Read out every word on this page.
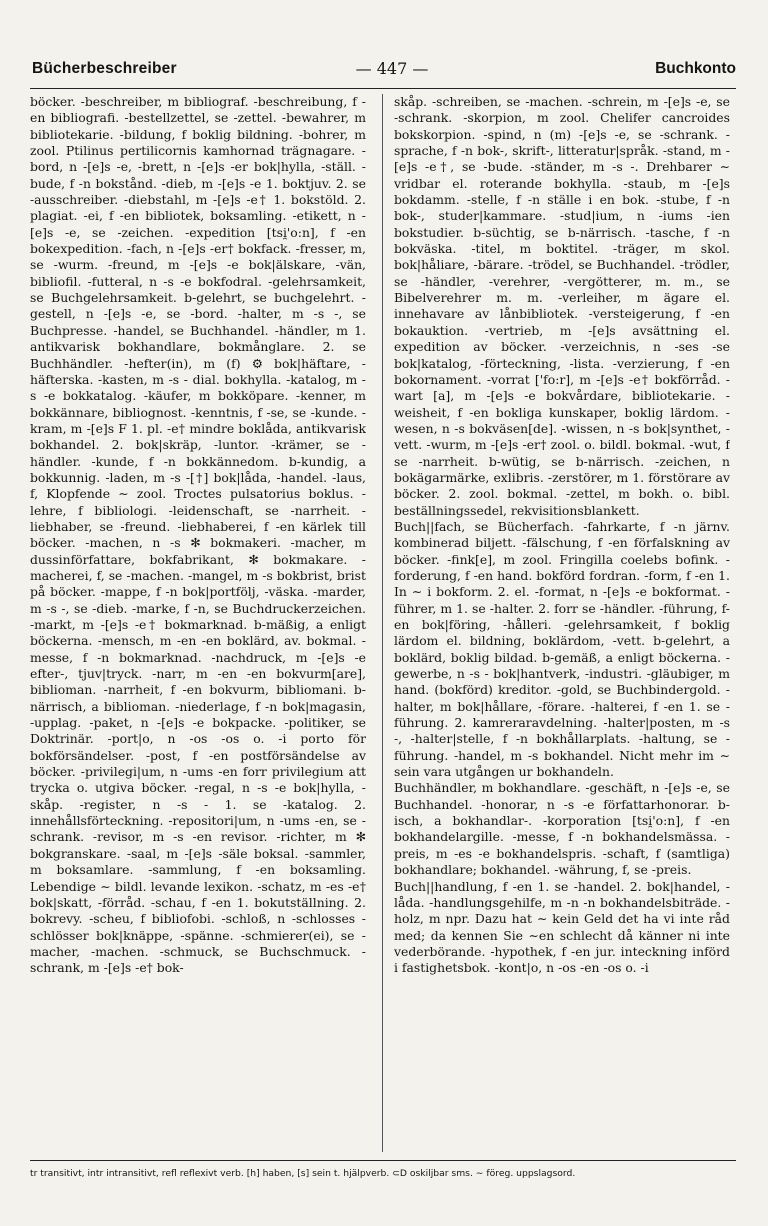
Bücherbeschreiber	— 447 —	Buchkonto

böcker. -beschreiber, m bibliograf. -beschreibung, f -en bibliografi. -bestellzettel, se -zettel. -bewahrer, m bibliotekarie. -bildung, f boklig bildning. -bohrer, m zool. Ptilinus pertilicornis kamhornad trägnagare. -bord, n -[e]s -e, -brett, n -[e]s -er bok|hylla, -ställ. -bude, f -n bokstånd. -dieb, m -[e]s -e 1. boktjuv. 2. se -ausschreiber. -diebstahl, m -[e]s -e† 1. bokstöld. 2. plagiat. -ei, f -en bibliotek, boksamling. -etikett, n -[e]s -e, se -zeichen. -expedition [tsi̯'o:n], f -en bokexpedition. -fach, n -[e]s -er† bokfack. -fresser, m, se -wurm. -freund, m -[e]s -e bok|älskare, -vän, bibliofil. -futteral, n -s -e bokfodral. -gelehrsamkeit, se Buchgelehrsamkeit. b-gelehrt, se buchgelehrt. -gestell, n -[e]s -e, se -bord. -halter, m -s -, se Buchpresse. -handel, se Buchhandel. -händler, m 1. antikvarisk bokhandlare, bokmånglare. 2. se Buchhändler. -hefter(in), m (f) ⚙ bok|häftare, -häfterska. -kasten, m -s - dial. bokhylla. -katalog, m -s -e bokkatalog. -käufer, m bokköpare. -kenner, m bokkännare, bibliognost. -kenntnis, f -se, se -kunde. -kram, m -[e]s F 1. pl. -e† mindre boklåda, antikvarisk bokhandel. 2. bok|skräp, -luntor. -krämer, se -händler. -kunde, f -n bokkännedom. b-kundig, a bokkunnig. -laden, m -s -[†] bok|låda, -handel. -laus, f, Klopfende ∼ zool. Troctes pulsatorius boklus. -lehre, f bibliologi. -leidenschaft, se -narrheit. -liebhaber, se -freund. -liebhaberei, f -en kärlek till böcker. -machen, n -s ✻ bokmakeri. -macher, m dussinförfattare, bokfabrikant, ✻ bokmakare. -macherei, f, se -machen. -mangel, m -s bokbrist, brist på böcker. -mappe, f -n bok|portfölj, -väska. -marder, m -s -, se -dieb. -marke, f -n, se Buchdruckerzeichen. -markt, m -[e]s -e† bokmarknad. b-mäßig, a enligt böckerna. -mensch, m -en -en boklärd, av. bokmal. -messe, f -n bokmarknad. -nachdruck, m -[e]s -e efter-, tjuv|tryck. -narr, m -en -en bokvurm[are], biblioman. -narrheit, f -en bokvurm, bibliomani. b-närrisch, a biblioman. -niederlage, f -n bok|magasin, -upplag. -paket, n -[e]s -e bokpacke. -politiker, se Doktrinär. -port|o, n -os -os o. -i porto för bokförsändelser. -post, f -en postförsändelse av böcker. -privilegi|um, n -ums -en forr privilegium att trycka o. utgiva böcker. -regal, n -s -e bok|hylla, -skåp. -register, n -s - 1. se -katalog. 2. innehållsförteckning. -repositori|um, n -ums -en, se -schrank. -revisor, m -s -en revisor. -richter, m ✻ bokgranskare. -saal, m -[e]s -säle boksal. -sammler, m boksamlare. -sammlung, f -en boksamling. Lebendige ∼ bildl. levande lexikon. -schatz, m -es -e† bok|skatt, -förråd. -schau, f -en 1. bokutställning. 2. bokrevy. -scheu, f bibliofobi. -schloß, n -schlosses -schlösser bok|knäppe, -spänne. -schmierer(ei), se -macher, -machen. -schmuck, se Buchschmuck. -schrank, m -[e]s -e† bok-

skåp. -schreiben, se -machen. -schrein, m -[e]s -e, se -schrank. -skorpion, m zool. Chelifer cancroides bokskorpion. -spind, n (m) -[e]s -e, se -schrank. -sprache, f -n bok-, skrift-, litteratur|språk. -stand, m -[e]s -e†, se -bude. -ständer, m -s -. Drehbarer ∼ vridbar el. roterande bokhylla. -staub, m -[e]s bokdamm. -stelle, f -n ställe i en bok. -stube, f -n bok-, studer|kammare. -stud|ium, n -iums -ien bokstudier. b-süchtig, se b-närrisch. -tasche, f -n bokväska. -titel, m boktitel. -träger, m skol. bok|håliare, -bärare. -trödel, se Buchhandel. -trödler, se -händler, -verehrer, -vergötterer, m. m., se Bibelverehrer m. m. -verleiher, m ägare el. innehavare av lånbibliotek. -versteigerung, f -en bokauktion. -vertrieb, m -[e]s avsättning el. expedition av böcker. -verzeichnis, n -ses -se bok|katalog, -förteckning, -lista. -verzierung, f -en bokornament. -vorrat ['fo:r], m -[e]s -e† bokförråd. -wart [a], m -[e]s -e bokvårdare, bibliotekarie. -weisheit, f -en bokliga kunskaper, boklig lärdom. -wesen, n -s bokväsen[de]. -wissen, n -s bok|synthet, -vett. -wurm, m -[e]s -er† zool. o. bildl. bokmal. -wut, f se -narrheit. b-wütig, se b-närrisch. -zeichen, n bokägarmärke, exlibris. -zerstörer, m 1. förstörare av böcker. 2. zool. bokmal. -zettel, m bokh. o. bibl. beställningssedel, rekvisitionsblankett.

Buch||fach, se Bücherfach. -fahrkarte, f -n järnv. kombinerad biljett. -fälschung, f -en förfalskning av böcker. -fink[e], m zool. Fringilla coelebs bofink. -forderung, f -en hand. bokförd fordran. -form, f -en 1. In ∼ i bokform. 2. el. -format, n -[e]s -e bokformat. -führer, m 1. se -halter. 2. forr se -händler. -führung, f- en bok|föring, -hålleri. -gelehrsamkeit, f boklig lärdom el. bildning, boklärdom, -vett. b-gelehrt, a boklärd, boklig bildad. b-gemäß, a enligt böckerna. -gewerbe, n -s - bok|hantverk, -industri. -gläubiger, m hand. (bokförd) kreditor. -gold, se Buchbindergold. -halter, m bok|hållare, -förare. -halterei, f -en 1. se -führung. 2. kamreraravdelning. -halter|posten, m -s -, -halter|stelle, f -n bokhållarplats. -haltung, se -führung. -handel, m -s bokhandel. Nicht mehr im ∼ sein vara utgången ur bokhandeln.

Buchhändler, m bokhandlare. -geschäft, n -[e]s -e, se Buchhandel. -honorar, n -s -e författarhonorar. b-isch, a bokhandlar-. -korporation [tsi̯'o:n], f -en bokhandelargille. -messe, f -n bokhandelsmässa. -preis, m -es -e bokhandelspris. -schaft, f (samtliga) bokhandlare; bokhandel. -währung, f, se -preis.

Buch||handlung, f -en 1. se -handel. 2. bok|handel, -låda. -handlungsgehilfe, m -n -n bokhandelsbiträde. -holz, m npr. Dazu hat ∼ kein Geld det ha vi inte råd med; da kennen Sie ∼en schlecht då känner ni inte vederbörande. -hypothek, f -en jur. inteckning införd i fastighetsbok. -kont|o, n -os -en -os o. -i

tr transitivt, intr intransitivt, refl reflexivt verb. [h] haben, [s] sein t. hjälpverb. ⊂D oskiljbar sms. ∼ föreg. uppslagsord.
